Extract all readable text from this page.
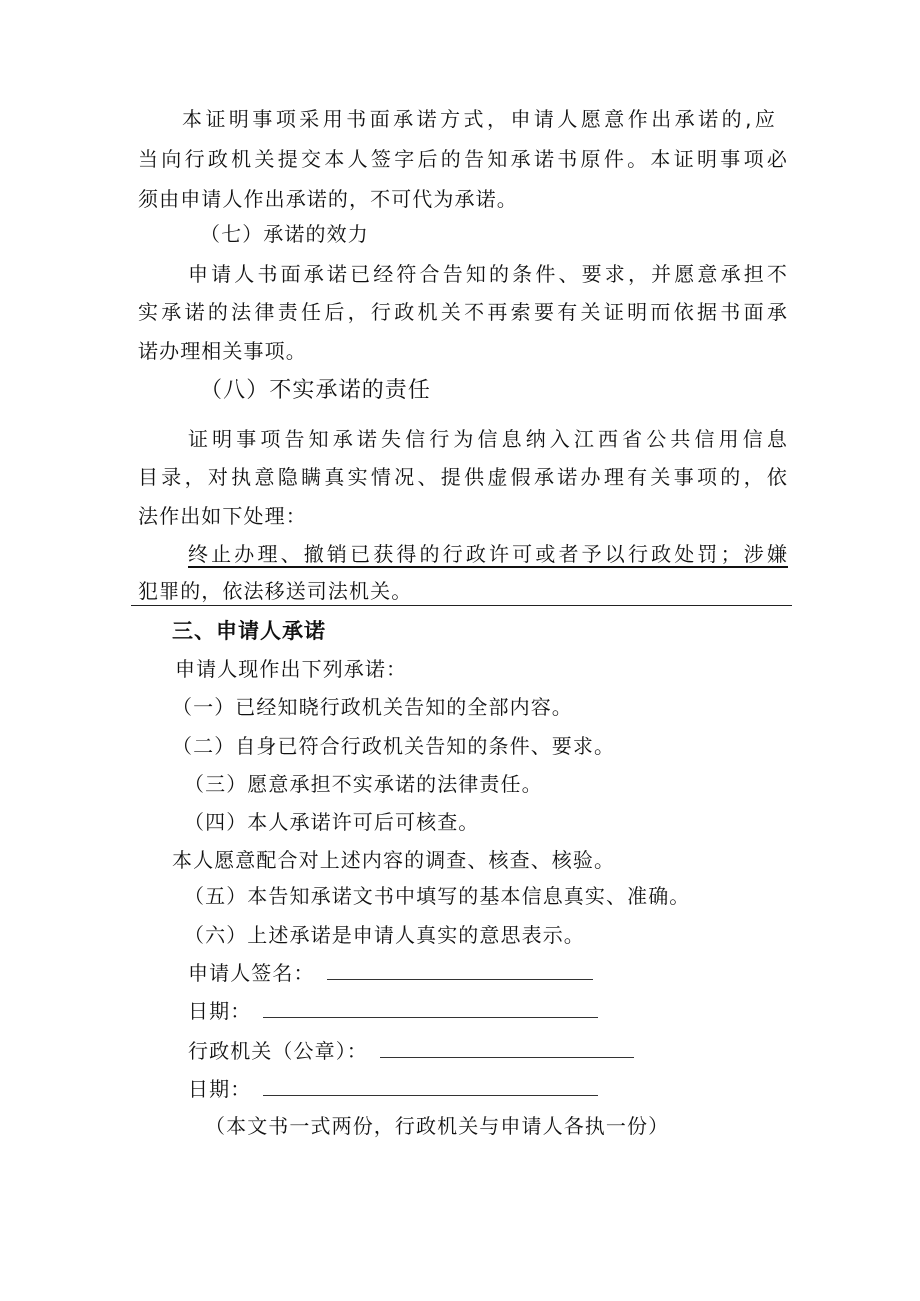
本证明事项采用书面承诺方式，申请人愿意作出承诺的,应
当向行政机关提交本人签字后的告知承诺书原件。本证明事项必
须由申请人作出承诺的，不可代为承诺。
（七）承诺的效力
申请人书面承诺已经符合告知的条件、要求，并愿意承担不
实承诺的法律责任后，行政机关不再索要有关证明而依据书面承
诺办理相关事项。
（八）不实承诺的责任
证明事项告知承诺失信行为信息纳入江西省公共信用信息
目录，对执意隐瞒真实情况、提供虚假承诺办理有关事项的，依
法作出如下处理：
终止办理、撤销已获得的行政许可或者予以行政处罚；涉嫌
犯罪的，依法移送司法机关。
三、申请人承诺
申请人现作出下列承诺：
（一）已经知晓行政机关告知的全部内容。
（二）自身已符合行政机关告知的条件、要求。
（三）愿意承担不实承诺的法律责任。
（四）本人承诺许可后可核查。
本人愿意配合对上述内容的调查、核查、核验。
（五）本告知承诺文书中填写的基本信息真实、准确。
（六）上述承诺是申请人真实的意思表示。
申请人签名：
日期：
行政机关（公章）：
日期：
（本文书一式两份，行政机关与申请人各执一份）
